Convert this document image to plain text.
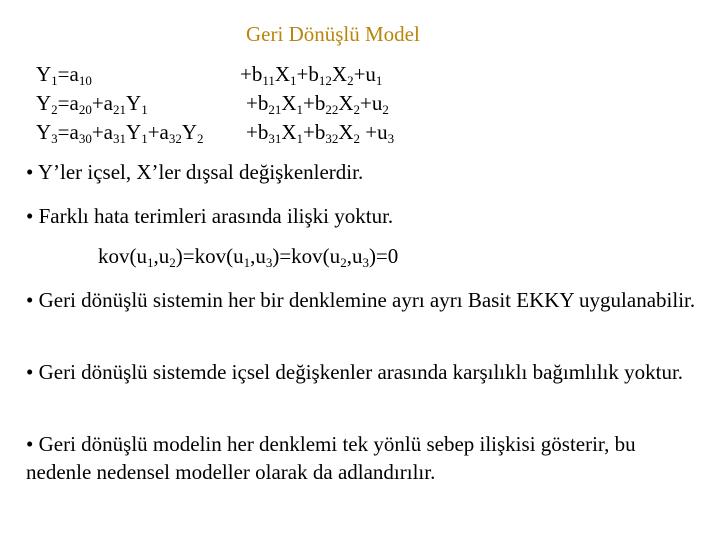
Geri Dönüşlü Model
$Y_1=a_{10}$	$+b_{11}X_1+b_{12}X_2+u_1$
$Y_2=a_{20}+a_{21}Y_1$	$+b_{21}X_1+b_{22}X_2+u_2$
$Y_3=a_{30}+a_{31}Y_1+a_{32}Y_2 +b_{31}X_1+b_{32}X_2 +u_3$
• Y’ler içsel, X’ler dışsal değişkenlerdir.
• Farklı hata terimleri arasında ilişki yoktur.
$kov(u_1,u_2)=kov(u_1,u_3)=kov(u_2,u_3)=0$
• Geri dönüşlü sistemin her bir denklemine ayrı ayrı Basit EKKY uygulanabilir.
• Geri dönüşlü sistemde içsel değişkenler arasında karşılıklı bağımlılık yoktur.
• Geri dönüşlü modelin her denklemi tek yönlü sebep ilişkisi gösterir, bu nedenle nedensel modeller olarak da adlandırılır.
